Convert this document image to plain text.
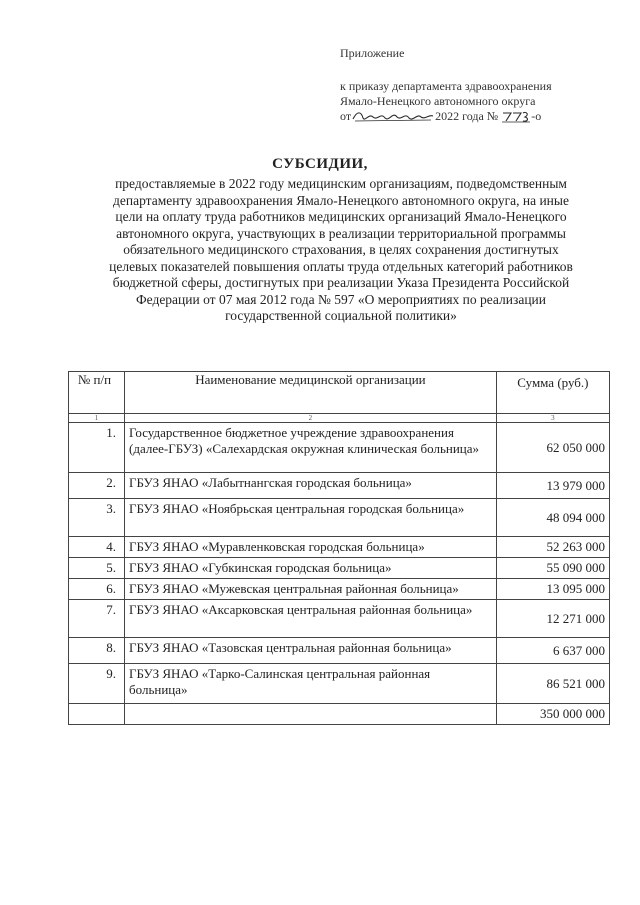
Приложение
к приказу департамента здравоохранения
Ямало-Ненецкого автономного округа
от	2022 года №	-о
СУБСИДИИ,
предоставляемые в 2022 году медицинским организациям, подведомственным
департаменту здравоохранения Ямало-Ненецкого автономного округа, на иные
цели на оплату труда работников медицинских организаций Ямало-Ненецкого
автономного округа, участвующих в реализации территориальной программы
обязательного медицинского страхования, в целях сохранения достигнутых
целевых показателей повышения оплаты труда отдельных категорий работников
бюджетной сферы, достигнутых при реализации Указа Президента Российской
Федерации от 07 мая 2012 года № 597 «О мероприятиях по реализации
государственной социальной политики»
№ п/п	Наименование медицинской организации	Сумма (руб.)
1	2	3
1.	Государственное бюджетное учреждение здравоохранения (далее-ГБУЗ) «Салехардская окружная клиническая больница»	62 050 000
2.	ГБУЗ ЯНАО «Лабытнангская городская больница»	13 979 000
3.	ГБУЗ ЯНАО «Ноябрьская центральная городская больница»	48 094 000
4.	ГБУЗ ЯНАО «Муравленковская городская больница»	52 263 000
5.	ГБУЗ ЯНАО «Губкинская городская больница»	55 090 000
6.	ГБУЗ ЯНАО «Мужевская центральная районная больница»	13 095 000
7.	ГБУЗ ЯНАО «Аксарковская центральная районная больница»	12 271 000
8.	ГБУЗ ЯНАО «Тазовская центральная районная больница»	6 637 000
9.	ГБУЗ ЯНАО «Тарко-Салинская центральная районная больница»	86 521 000
		350 000 000
